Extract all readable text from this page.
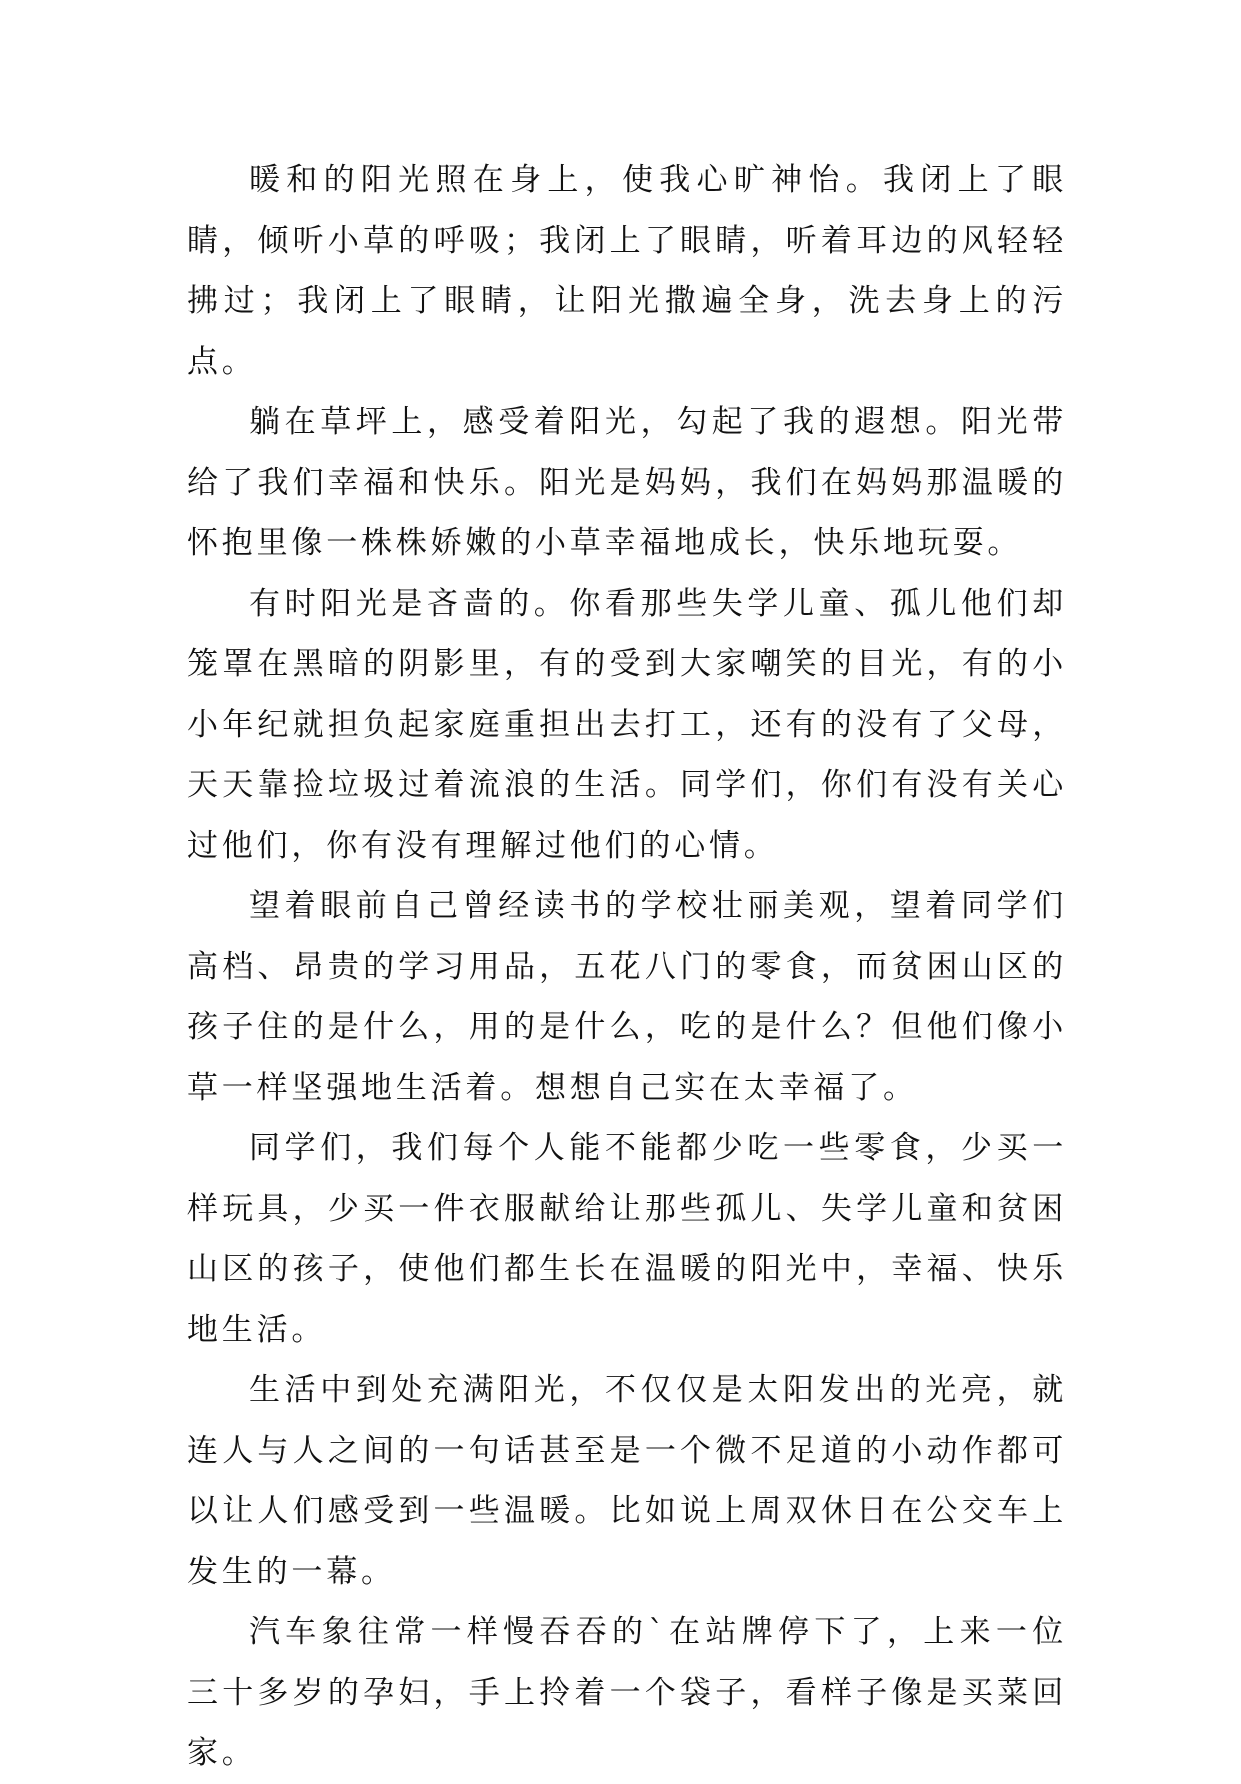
暖和的阳光照在身上，使我心旷神怡。我闭上了眼睛，倾听小草的呼吸；我闭上了眼睛，听着耳边的风轻轻拂过；我闭上了眼睛，让阳光撒遍全身，洗去身上的污点。

躺在草坪上，感受着阳光，勾起了我的遐想。阳光带给了我们幸福和快乐。阳光是妈妈，我们在妈妈那温暖的怀抱里像一株株娇嫩的小草幸福地成长，快乐地玩耍。

有时阳光是吝啬的。你看那些失学儿童、孤儿他们却笼罩在黑暗的阴影里，有的受到大家嘲笑的目光，有的小小年纪就担负起家庭重担出去打工，还有的没有了父母，天天靠捡垃圾过着流浪的生活。同学们，你们有没有关心过他们，你有没有理解过他们的心情。

望着眼前自己曾经读书的学校壮丽美观，望着同学们高档、昂贵的学习用品，五花八门的零食，而贫困山区的孩子住的是什么，用的是什么，吃的是什么？但他们像小草一样坚强地生活着。想想自己实在太幸福了。

同学们，我们每个人能不能都少吃一些零食，少买一样玩具，少买一件衣服献给让那些孤儿、失学儿童和贫困山区的孩子，使他们都生长在温暖的阳光中，幸福、快乐地生活。

生活中到处充满阳光，不仅仅是太阳发出的光亮，就连人与人之间的一句话甚至是一个微不足道的小动作都可以让人们感受到一些温暖。比如说上周双休日在公交车上发生的一幕。

汽车象往常一样慢吞吞的`在站牌停下了，上来一位三十多岁的孕妇，手上拎着一个袋子，看样子像是买菜回家。
